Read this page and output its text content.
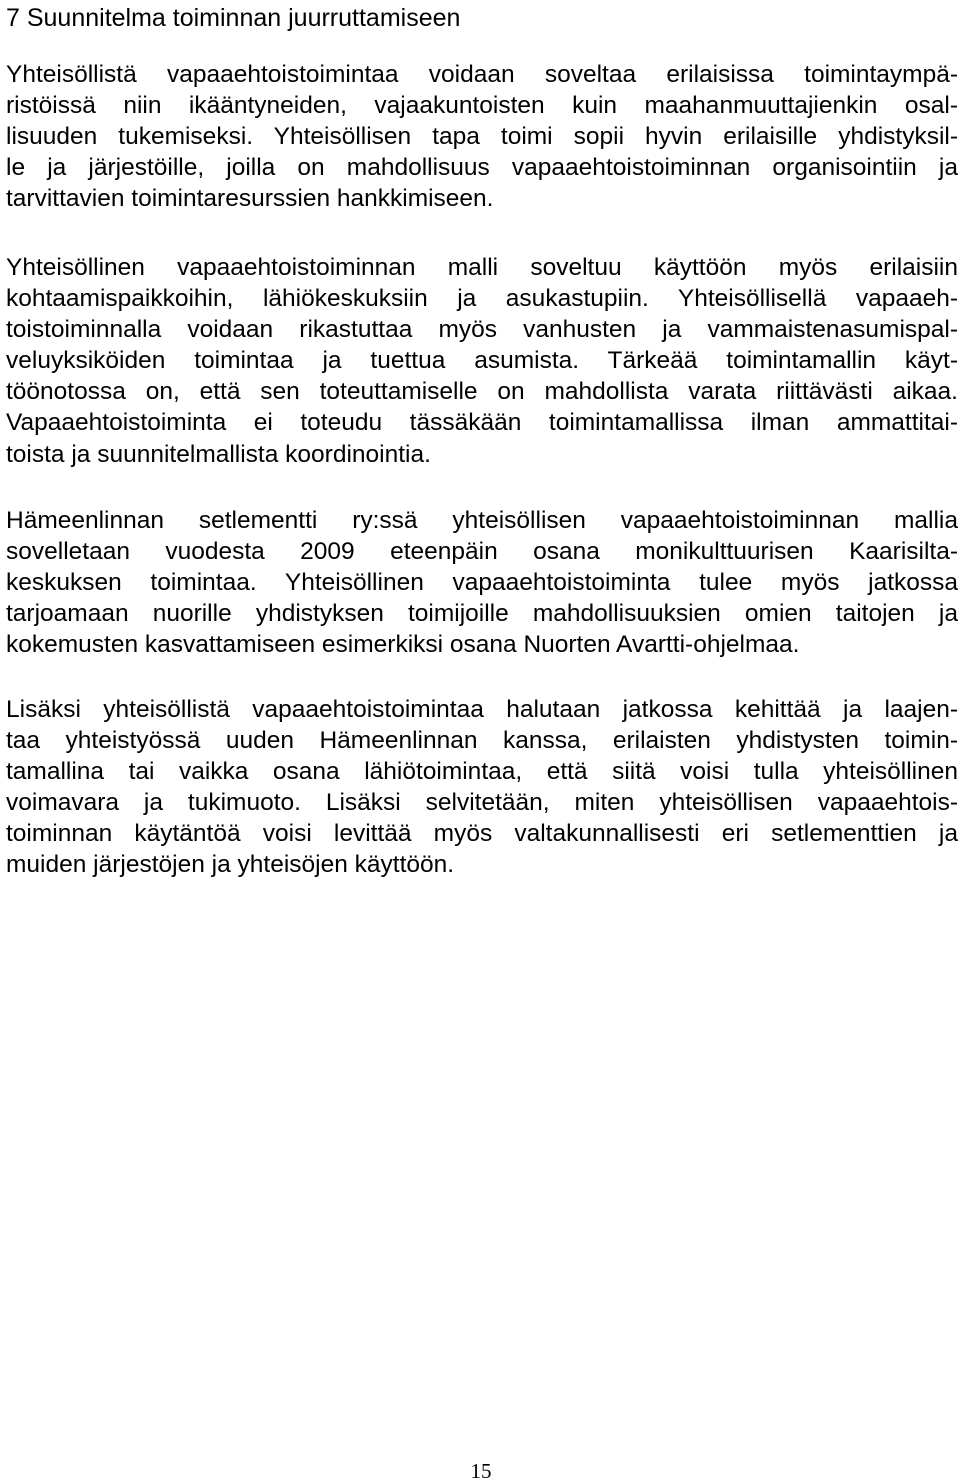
7 Suunnitelma toiminnan juurruttamiseen

Yhteisöllistä vapaaehtoistoimintaa voidaan soveltaa erilaisissa toimintaympä-
ristöissä niin ikääntyneiden, vajaakuntoisten kuin maahanmuuttajienkin osal-
lisuuden tukemiseksi. Yhteisöllisen tapa toimi sopii hyvin erilaisille yhdistyksil-
le ja järjestöille, joilla on mahdollisuus vapaaehtoistoiminnan organisointiin ja
tarvittavien toimintaresurssien hankkimiseen.

Yhteisöllinen vapaaehtoistoiminnan malli soveltuu käyttöön myös erilaisiin
kohtaamispaikkoihin, lähiökeskuksiin ja asukastupiin. Yhteisöllisellä vapaaeh-
toistoiminnalla voidaan rikastuttaa myös vanhusten ja vammaistenasumispal-
veluyksiköiden toimintaa ja tuettua asumista. Tärkeää toimintamallin käyt-
töönotossa on, että sen toteuttamiselle on mahdollista varata riittävästi aikaa.
Vapaaehtoistoiminta ei toteudu tässäkään toimintamallissa ilman ammattitai-
toista ja suunnitelmallista koordinointia.

Hämeenlinnan setlementti ry:ssä yhteisöllisen vapaaehtoistoiminnan mallia
sovelletaan vuodesta 2009 eteenpäin osana monikulttuurisen Kaarisilta-
keskuksen toimintaa. Yhteisöllinen vapaaehtoistoiminta tulee myös jatkossa
tarjoamaan nuorille yhdistyksen toimijoille mahdollisuuksien omien taitojen ja
kokemusten kasvattamiseen esimerkiksi osana Nuorten Avartti-ohjelmaa.

Lisäksi yhteisöllistä vapaaehtoistoimintaa halutaan jatkossa kehittää ja laajen-
taa yhteistyössä uuden Hämeenlinnan kanssa, erilaisten yhdistysten toimin-
tamallina tai vaikka osana lähiötoimintaa, että siitä voisi tulla yhteisöllinen
voimavara ja tukimuoto. Lisäksi selvitetään, miten yhteisöllisen vapaaehtois-
toiminnan käytäntöä voisi levittää myös valtakunnallisesti eri setlementtien ja
muiden järjestöjen ja yhteisöjen käyttöön.

15
